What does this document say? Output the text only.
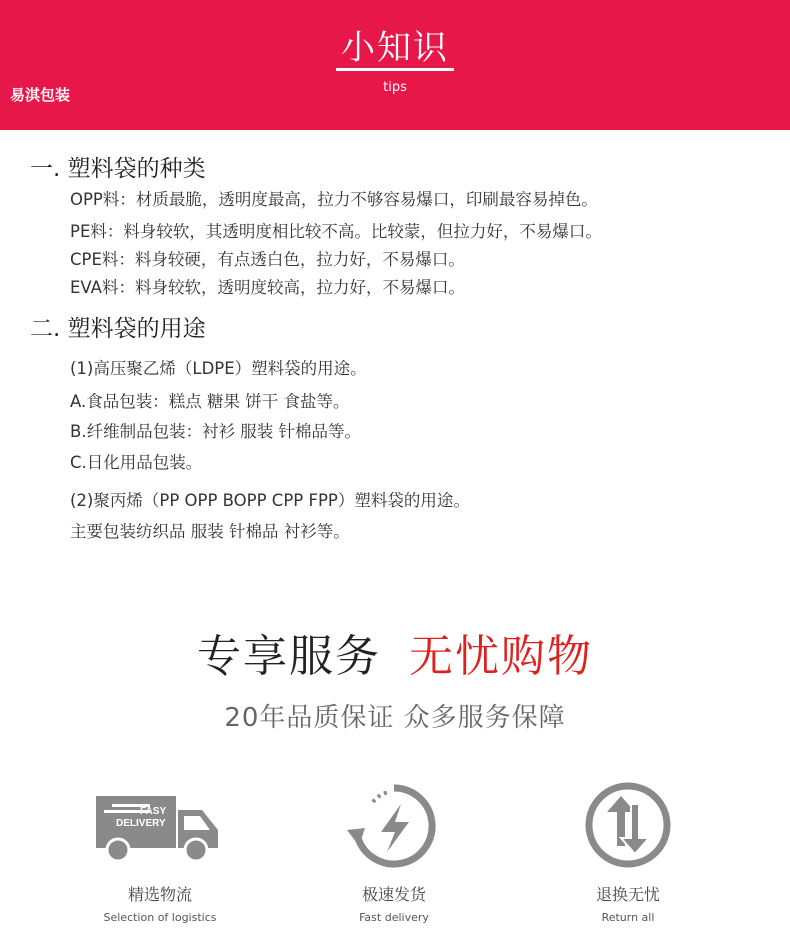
小知识
tips
易淇包装
一. 塑料袋的种类
OPP料：材质最脆，透明度最高，拉力不够容易爆口，印刷最容易掉色。
PE料：料身较软，其透明度相比较不高。比较蒙，但拉力好，不易爆口。
CPE料：料身较硬，有点透白色，拉力好，不易爆口。
EVA料：料身较软，透明度较高，拉力好，不易爆口。
二. 塑料袋的用途
(1)高压聚乙烯（LDPE）塑料袋的用途。
A.食品包装：糕点 糖果 饼干 食盐等。
B.纤维制品包装：衬衫 服装 针棉品等。
C.日化用品包装。
(2)聚丙烯（PP OPP BOPP CPP FPP）塑料袋的用途。
主要包装纺织品 服装 针棉品 衬衫等。
专享服务 无忧购物
20年品质保证 众多服务保障
FASY
DELIVERY
精选物流
Selection of logistics
极速发货
Fast delivery
退换无忧
Return all
